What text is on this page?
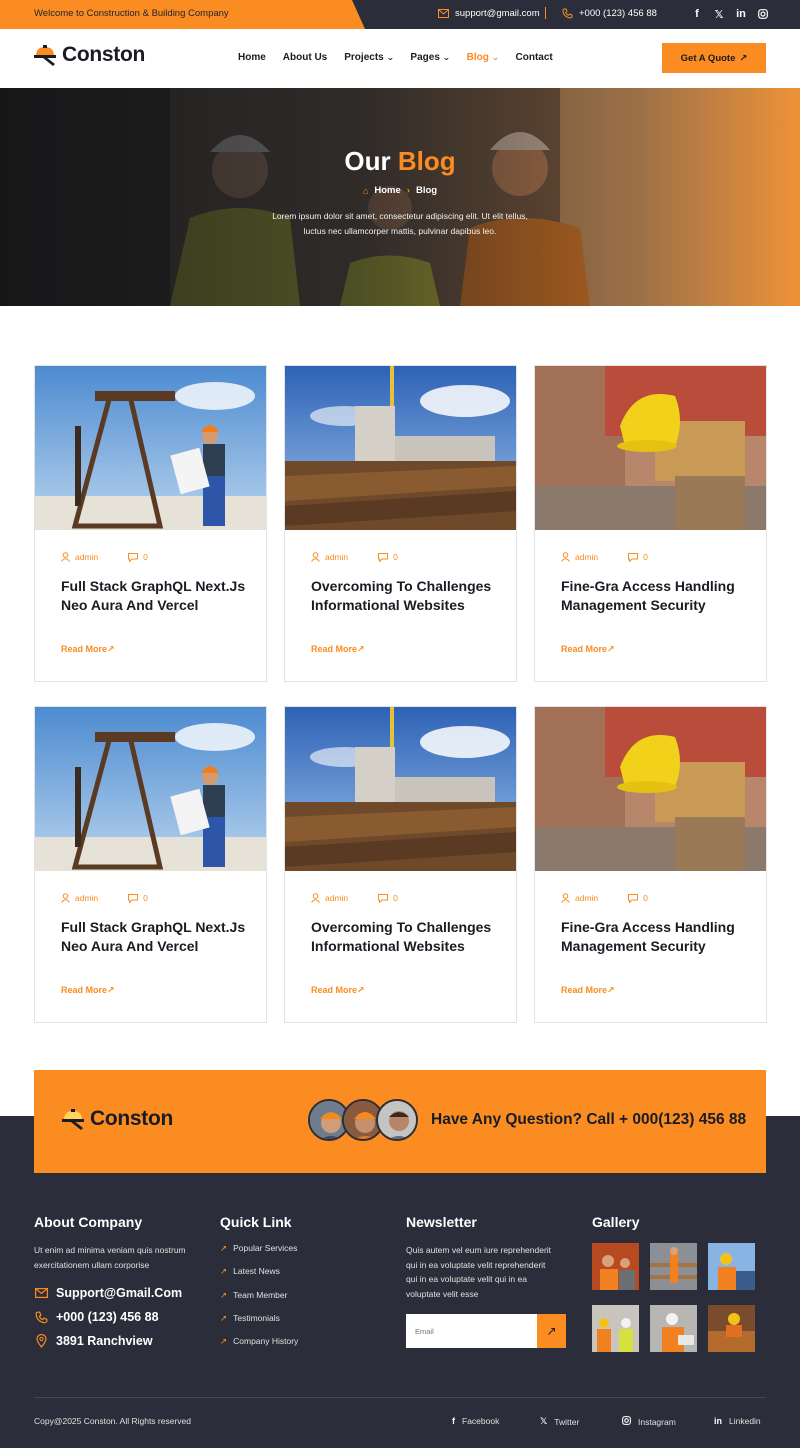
Welcome to Construction & Building Company	support@gmail.com	+000 (123) 456 88	f 𝕏 in
Conston	Home About Us Projects ⌄ Pages ⌄ Blog ⌄ Contact	Get A Quote ↗
Our Blog
⌂ Home › Blog
Lorem ipsum dolor sit amet, consectetur adipiscing elit. Ut elit tellus,
luctus nec ullamcorper mattis, pulvinar dapibus leo.
admin	0
Full Stack GraphQL Next.Js Neo Aura And Vercel
Read More↗
admin	0
Overcoming To Challenges Informational Websites
Read More↗
admin	0
Fine-Gra Access Handling Management Security
Read More↗
admin	0
Full Stack GraphQL Next.Js Neo Aura And Vercel
Read More↗
admin	0
Overcoming To Challenges Informational Websites
Read More↗
admin	0
Fine-Gra Access Handling Management Security
Read More↗
Conston	Have Any Question? Call + 000(123) 456 88
About Company
Ut enim ad minima veniam quis nostrum
exercitationem ullam corporise
Support@Gmail.Com
+000 (123) 456 88
3891 Ranchview
Quick Link
↗ Popular Services
↗ Latest News
↗ Team Member
↗ Testimonials
↗ Company History
Newsletter
Quis autem vel eum iure reprehenderit
qui in ea voluptate velit reprehenderit
qui in ea voluptate velit qui in ea
voluptate velit esse
Email
↗
Gallery
Copy@2025 Conston. All Rights reserved	f Facebook	𝕏 Twitter	Instagram	in Linkedin
